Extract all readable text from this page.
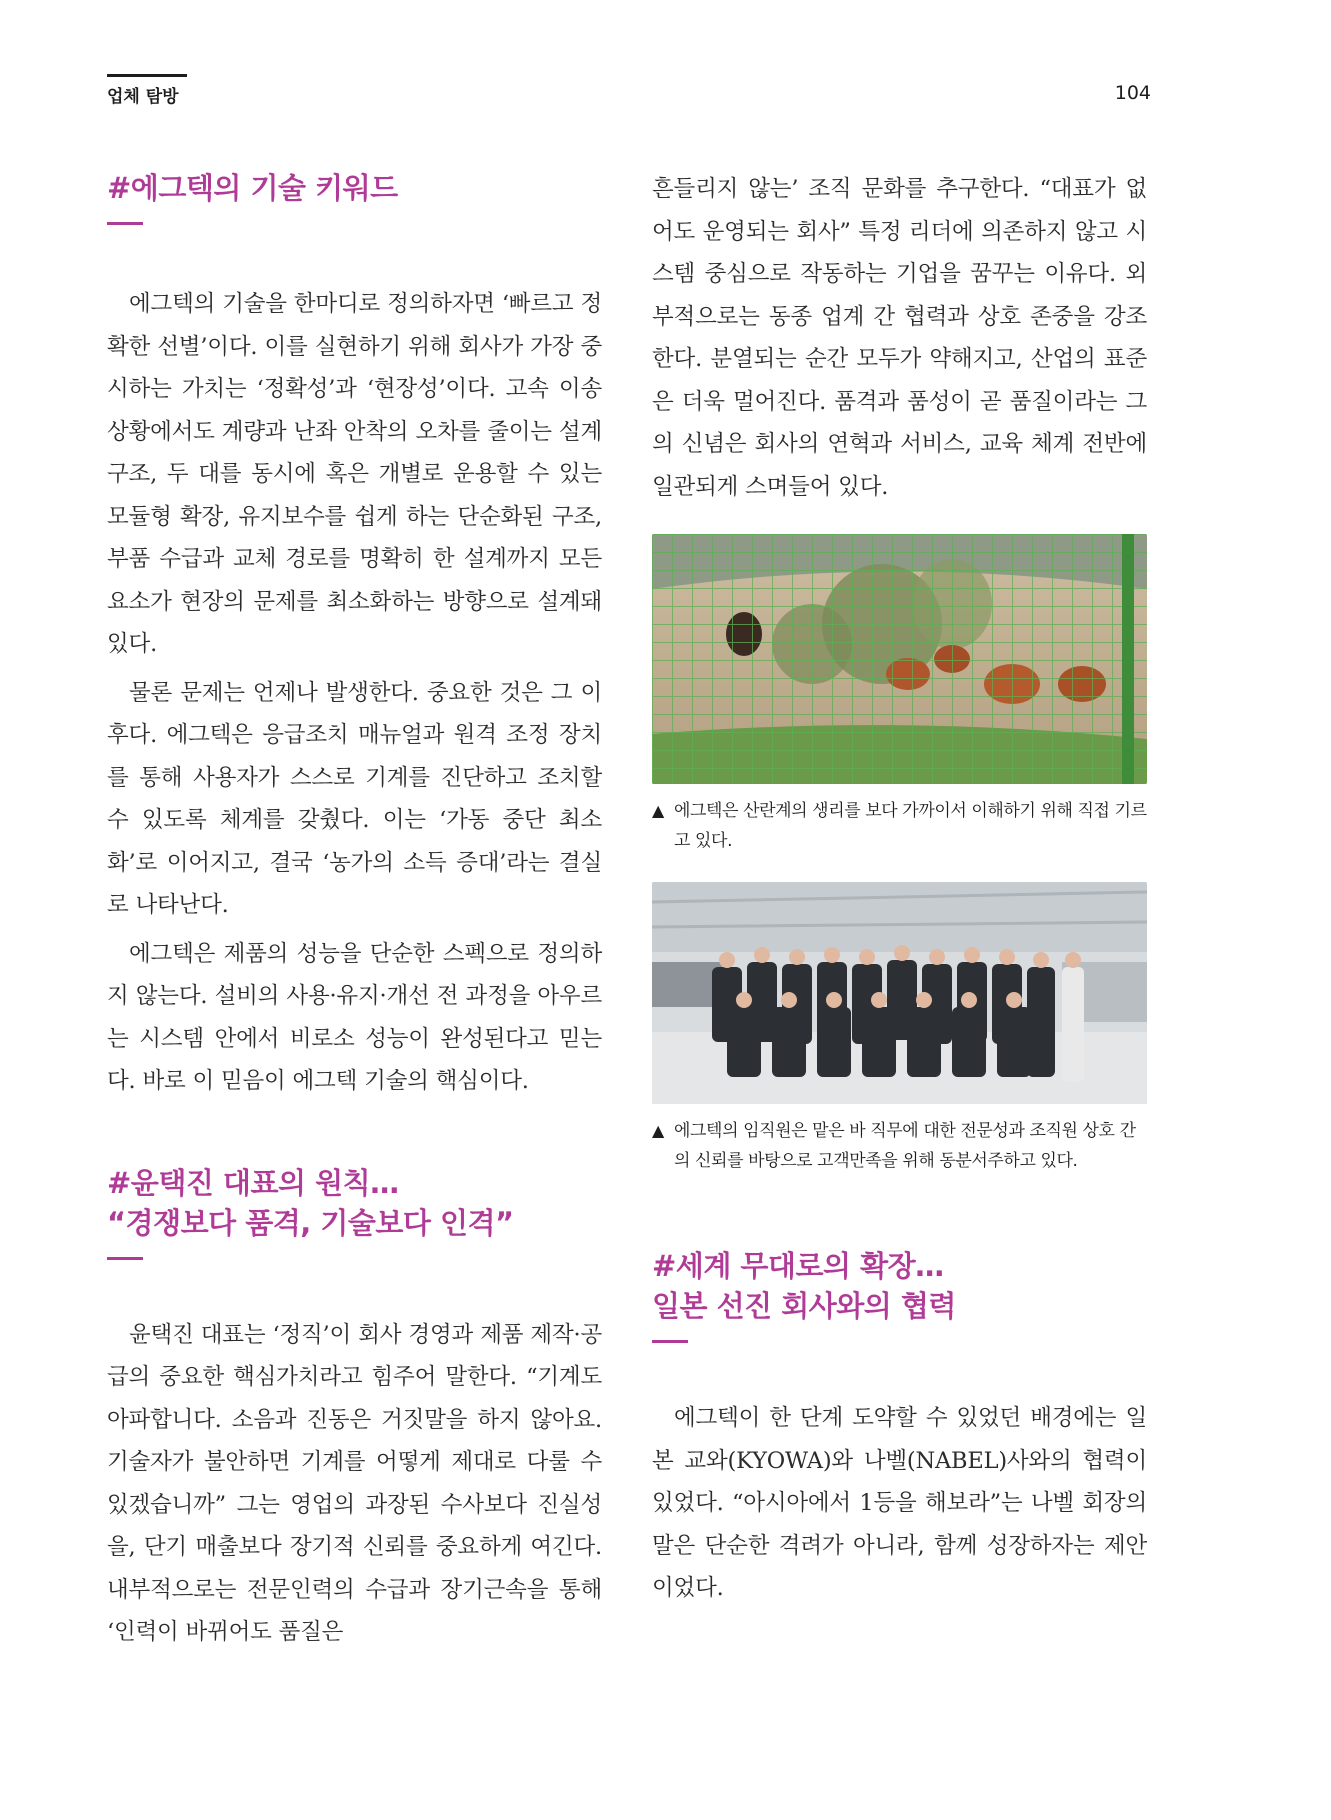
업체 탐방	104
#에그텍의 기술 키워드

에그텍의 기술을 한마디로 정의하자면 ‘빠르고 정확한 선별’이다. 이를 실현하기 위해 회사가 가장 중시하는 가치는 ‘정확성’과 ‘현장성’이다. 고속 이송 상황에서도 계량과 난좌 안착의 오차를 줄이는 설계 구조, 두 대를 동시에 혹은 개별로 운용할 수 있는 모듈형 확장, 유지보수를 쉽게 하는 단순화된 구조, 부품 수급과 교체 경로를 명확히 한 설계까지 모든 요소가 현장의 문제를 최소화하는 방향으로 설계돼 있다.

물론 문제는 언제나 발생한다. 중요한 것은 그 이후다. 에그텍은 응급조치 매뉴얼과 원격 조정 장치를 통해 사용자가 스스로 기계를 진단하고 조치할 수 있도록 체계를 갖췄다. 이는 ‘가동 중단 최소화’로 이어지고, 결국 ‘농가의 소득 증대’라는 결실로 나타난다.

에그텍은 제품의 성능을 단순한 스펙으로 정의하지 않는다. 설비의 사용·유지·개선 전 과정을 아우르는 시스템 안에서 비로소 성능이 완성된다고 믿는다. 바로 이 믿음이 에그텍 기술의 핵심이다.

#윤택진 대표의 원칙…
“경쟁보다 품격, 기술보다 인격”

윤택진 대표는 ‘정직’이 회사 경영과 제품 제작·공급의 중요한 핵심가치라고 힘주어 말한다. “기계도 아파합니다. 소음과 진동은 거짓말을 하지 않아요. 기술자가 불안하면 기계를 어떻게 제대로 다룰 수 있겠습니까” 그는 영업의 과장된 수사보다 진실성을, 단기 매출보다 장기적 신뢰를 중요하게 여긴다. 내부적으로는 전문인력의 수급과 장기근속을 통해 ‘인력이 바뀌어도 품질은

흔들리지 않는’ 조직 문화를 추구한다. “대표가 없어도 운영되는 회사” 특정 리더에 의존하지 않고 시스템 중심으로 작동하는 기업을 꿈꾸는 이유다. 외부적으로는 동종 업계 간 협력과 상호 존중을 강조한다. 분열되는 순간 모두가 약해지고, 산업의 표준은 더욱 멀어진다. 품격과 품성이 곧 품질이라는 그의 신념은 회사의 연혁과 서비스, 교육 체계 전반에 일관되게 스며들어 있다.

▲ 에그텍은 산란계의 생리를 보다 가까이서 이해하기 위해 직접 기르고 있다.
▲ 에그텍의 임직원은 맡은 바 직무에 대한 전문성과 조직원 상호 간의 신뢰를 바탕으로 고객만족을 위해 동분서주하고 있다.
#세계 무대로의 확장…
일본 선진 회사와의 협력

에그텍이 한 단계 도약할 수 있었던 배경에는 일본 교와(KYOWA)와 나벨(NABEL)사와의 협력이 있었다. “아시아에서 1등을 해보라”는 나벨 회장의 말은 단순한 격려가 아니라, 함께 성장하자는 제안이었다.
